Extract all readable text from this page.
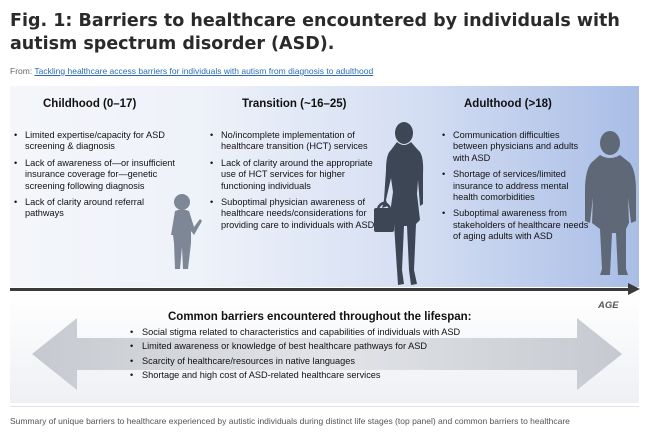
Fig. 1: Barriers to healthcare encountered by individuals with autism spectrum disorder (ASD).
From: Tackling healthcare access barriers for individuals with autism from diagnosis to adulthood
Childhood (0–17)
• Limited expertise/capacity for ASD screening & diagnosis
• Lack of awareness of—or insufficient insurance coverage for—genetic screening following diagnosis
• Lack of clarity around referral pathways
Transition (~16–25)
• No/incomplete implementation of healthcare transition (HCT) services
• Lack of clarity around the appropriate use of HCT services for higher functioning individuals
• Suboptimal physician awareness of healthcare needs/considerations for providing care to individuals with ASD
Adulthood (>18)
• Communication difficulties between physicians and adults with ASD
• Shortage of services/limited insurance to address mental health comorbidities
• Suboptimal awareness from stakeholders of healthcare needs of aging adults with ASD
AGE
Common barriers encountered throughout the lifespan:
• Social stigma related to characteristics and capabilities of individuals with ASD
• Limited awareness or knowledge of best healthcare pathways for ASD
• Scarcity of healthcare/resources in native languages
• Shortage and high cost of ASD-related healthcare services
Summary of unique barriers to healthcare experienced by autistic individuals during distinct life stages (top panel) and common barriers to healthcare
